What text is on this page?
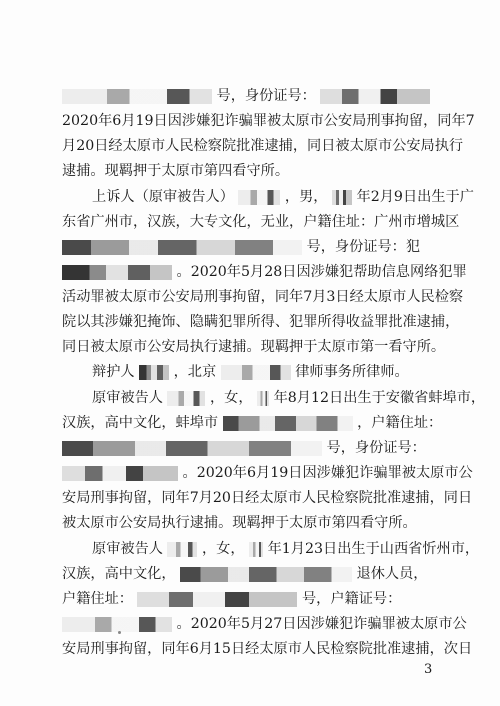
号，身份证号：
2020年6月19日因涉嫌犯诈骗罪被太原市公安局刑事拘留，同年7
月20日经太原市人民检察院批准逮捕，同日被太原市公安局执行
逮捕。现羁押于太原市第四看守所。
上诉人（原审被告人）	，男， 年2月9日出生于广
东省广州市，汉族，大专文化，无业，户籍住址：广州市增城区
号，身份证号：犯
。2020年5月28日因涉嫌犯帮助信息网络犯罪
活动罪被太原市公安局刑事拘留，同年7月3日经太原市人民检察
院以其涉嫌犯掩饰、隐瞒犯罪所得、犯罪所得收益罪批准逮捕，
同日被太原市公安局执行逮捕。现羁押于太原市第一看守所。
辩护人	，北京	律师事务所律师。
原审被告人	，女， 年8月12日出生于安徽省蚌埠市，
汉族，高中文化，蚌埠市	，户籍住址：
号，身份证号：
。2020年6月19日因涉嫌犯诈骗罪被太原市公
安局刑事拘留，同年7月20日经太原市人民检察院批准逮捕，同日
被太原市公安局执行逮捕。现羁押于太原市第四看守所。
原审被告人	，女， 年1月23日出生于山西省忻州市，
汉族，高中文化，	退休人员，
户籍住址：	号，户籍证号：
。2020年5月27日因涉嫌犯诈骗罪被太原市公
安局刑事拘留，同年6月15日经太原市人民检察院批准逮捕，次日
3
